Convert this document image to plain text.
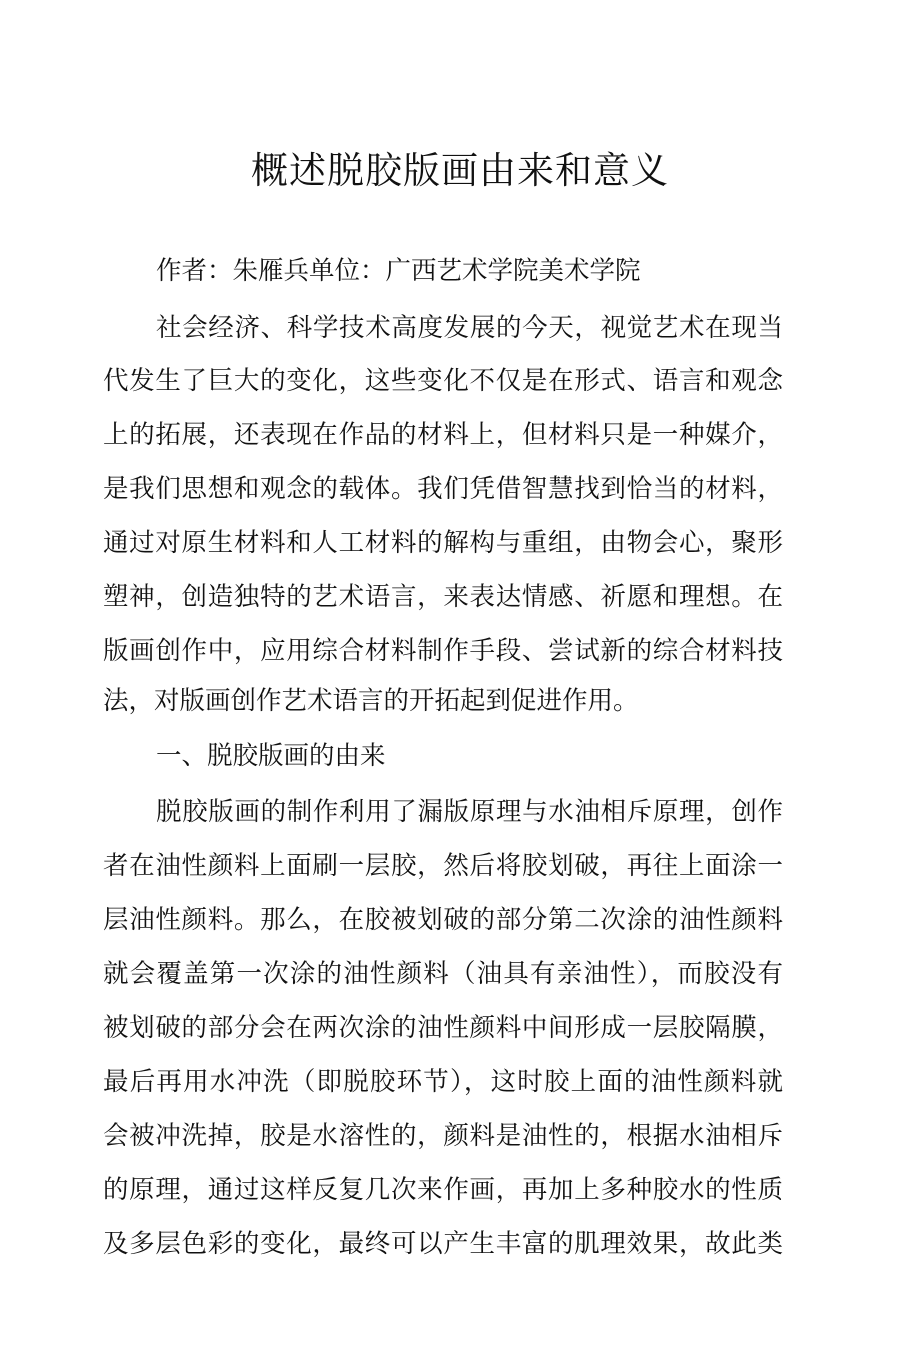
概述脱胶版画由来和意义
作者：朱雁兵单位：广西艺术学院美术学院
社会经济、科学技术高度发展的今天，视觉艺术在现当
代发生了巨大的变化，这些变化不仅是在形式、语言和观念
上的拓展，还表现在作品的材料上，但材料只是一种媒介，
是我们思想和观念的载体。我们凭借智慧找到恰当的材料，
通过对原生材料和人工材料的解构与重组，由物会心，聚形
塑神，创造独特的艺术语言，来表达情感、祈愿和理想。在
版画创作中，应用综合材料制作手段、尝试新的综合材料技
法，对版画创作艺术语言的开拓起到促进作用。
一、脱胶版画的由来
脱胶版画的制作利用了漏版原理与水油相斥原理，创作
者在油性颜料上面刷一层胶，然后将胶划破，再往上面涂一
层油性颜料。那么，在胶被划破的部分第二次涂的油性颜料
就会覆盖第一次涂的油性颜料（油具有亲油性），而胶没有
被划破的部分会在两次涂的油性颜料中间形成一层胶隔膜，
最后再用水冲洗（即脱胶环节），这时胶上面的油性颜料就
会被冲洗掉，胶是水溶性的，颜料是油性的，根据水油相斥
的原理，通过这样反复几次来作画，再加上多种胶水的性质
及多层色彩的变化，最终可以产生丰富的肌理效果，故此类
